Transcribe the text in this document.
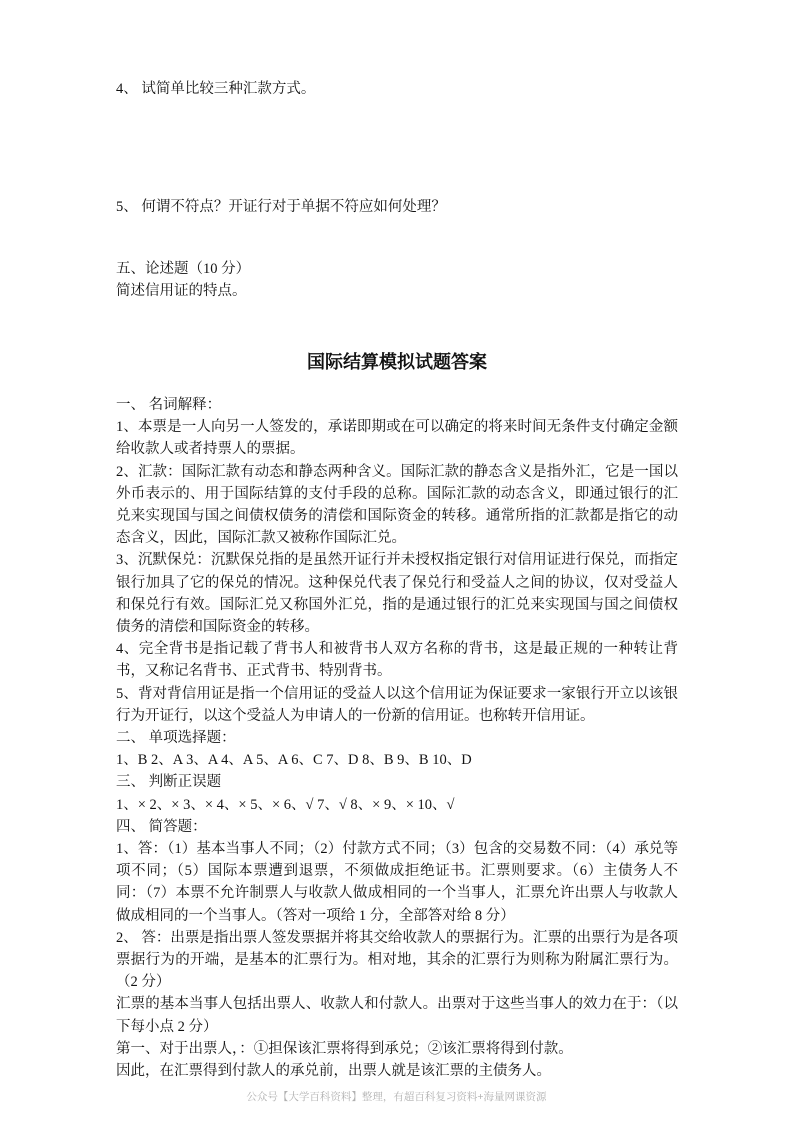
4、 试简单比较三种汇款方式。
5、 何谓不符点？开证行对于单据不符应如何处理？
五、论述题（10 分）
简述信用证的特点。
国际结算模拟试题答案

一、 名词解释：

1、本票是一人向另一人签发的，承诺即期或在可以确定的将来时间无条件支付确定金额给收款人或者持票人的票据。

2、汇款：国际汇款有动态和静态两种含义。国际汇款的静态含义是指外汇，它是一国以外币表示的、用于国际结算的支付手段的总称。国际汇款的动态含义，即通过银行的汇兑来实现国与国之间债权债务的清偿和国际资金的转移。通常所指的汇款都是指它的动态含义，因此，国际汇款又被称作国际汇兑。

3、沉默保兑：沉默保兑指的是虽然开证行并未授权指定银行对信用证进行保兑，而指定银行加具了它的保兑的情况。这种保兑代表了保兑行和受益人之间的协议，仅对受益人和保兑行有效。国际汇兑又称国外汇兑，指的是通过银行的汇兑来实现国与国之间债权债务的清偿和国际资金的转移。

4、完全背书是指记载了背书人和被背书人双方名称的背书，这是最正规的一种转让背书，又称记名背书、正式背书、特别背书。

5、背对背信用证是指一个信用证的受益人以这个信用证为保证要求一家银行开立以该银行为开证行，以这个受益人为申请人的一份新的信用证。也称转开信用证。

二、 单项选择题：

1、B 2、A 3、A 4、A 5、A 6、C 7、D 8、B 9、B 10、D

三、 判断正误题

1、× 2、× 3、× 4、× 5、× 6、√ 7、√ 8、× 9、× 10、√

四、 简答题：

1、答：（1）基本当事人不同；（2）付款方式不同；（3）包含的交易数不同：（4）承兑等项不同；（5）国际本票遭到退票，不须做成拒绝证书。汇票则要求。（6）主债务人不同：（7）本票不允许制票人与收款人做成相同的一个当事人，汇票允许出票人与收款人做成相同的一个当事人。（答对一项给 1 分，全部答对给 8 分）

2、 答：出票是指出票人签发票据并将其交给收款人的票据行为。汇票的出票行为是各项票据行为的开端，是基本的汇票行为。相对地，其余的汇票行为则称为附属汇票行为。（2 分）

汇票的基本当事人包括出票人、收款人和付款人。出票对于这些当事人的效力在于：（以下每小点 2 分）

第一、对于出票人，：①担保该汇票将得到承兑；②该汇票将得到付款。

因此，在汇票得到付款人的承兑前，出票人就是该汇票的主债务人。

公众号【大学百科资料】整理，有超百科复习资料+海量网课资源
